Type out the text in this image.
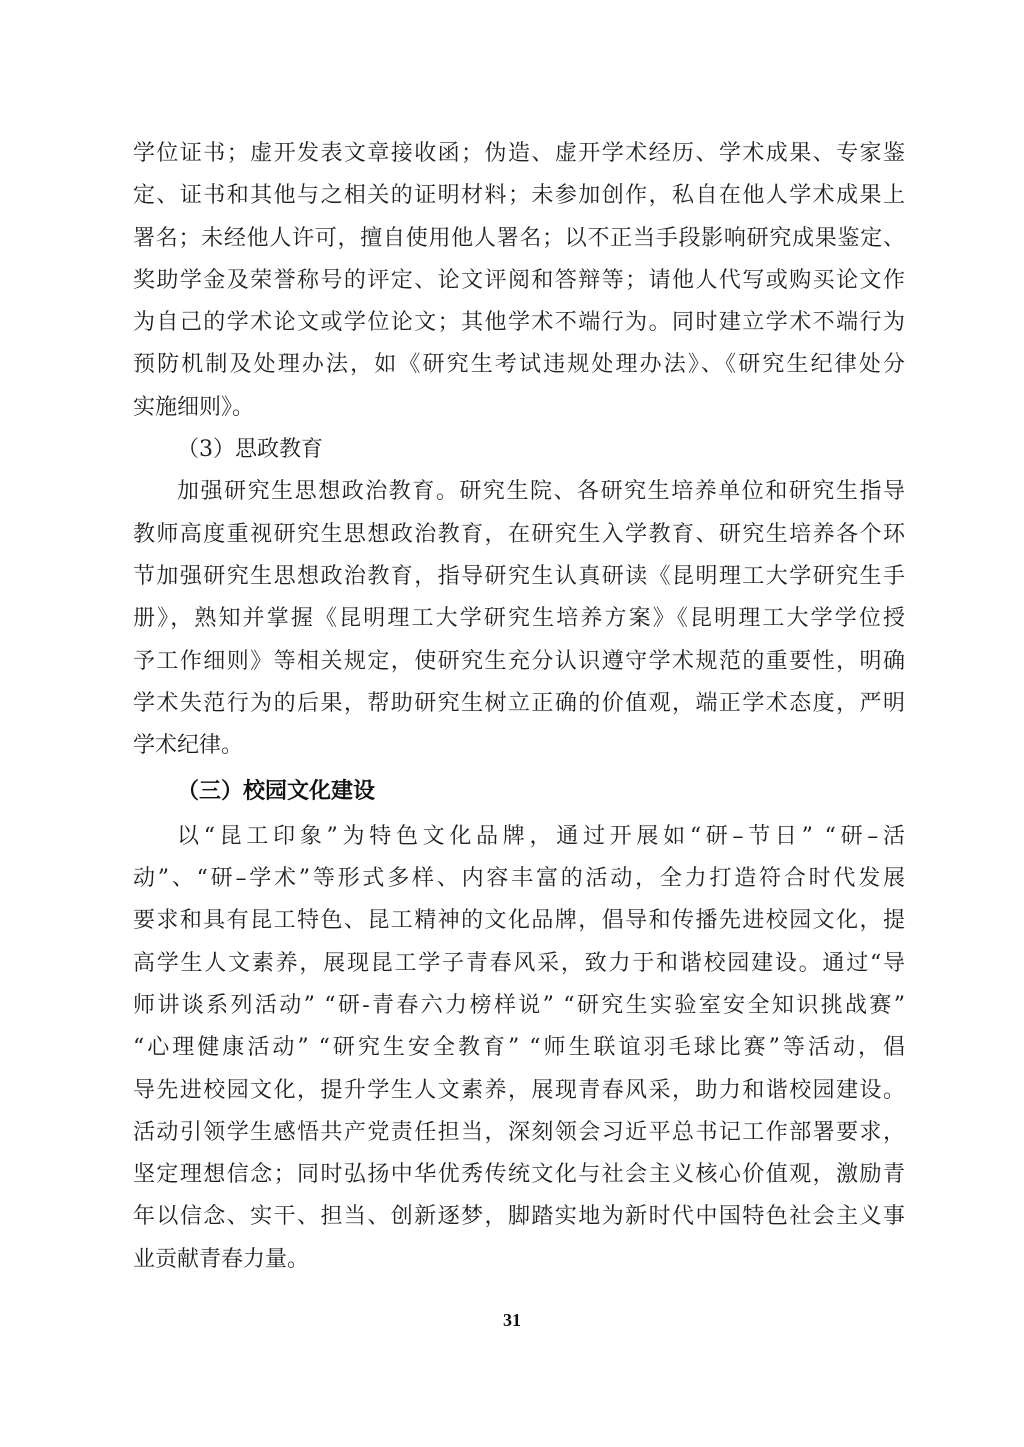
学位证书；虚开发表文章接收函；伪造、虚开学术经历、学术成果、专家鉴
定、证书和其他与之相关的证明材料；未参加创作，私自在他人学术成果上
署名；未经他人许可，擅自使用他人署名；以不正当手段影响研究成果鉴定、
奖助学金及荣誉称号的评定、论文评阅和答辩等；请他人代写或购买论文作
为自己的学术论文或学位论文；其他学术不端行为。同时建立学术不端行为
预防机制及处理办法，如《研究生考试违规处理办法》、《研究生纪律处分
实施细则》。
（3）思政教育
加强研究生思想政治教育。研究生院、各研究生培养单位和研究生指导
教师高度重视研究生思想政治教育，在研究生入学教育、研究生培养各个环
节加强研究生思想政治教育，指导研究生认真研读《昆明理工大学研究生手
册》，熟知并掌握《昆明理工大学研究生培养方案》《昆明理工大学学位授
予工作细则》等相关规定，使研究生充分认识遵守学术规范的重要性，明确
学术失范行为的后果，帮助研究生树立正确的价值观，端正学术态度，严明
学术纪律。
（三）校园文化建设
以“昆工印象”为特色文化品牌，通过开展如“研–节日” “研–活
动”、“研–学术”等形式多样、内容丰富的活动，全力打造符合时代发展
要求和具有昆工特色、昆工精神的文化品牌，倡导和传播先进校园文化，提
高学生人文素养，展现昆工学子青春风采，致力于和谐校园建设。通过“导
师讲谈系列活动” “研-青春六力榜样说” “研究生实验室安全知识挑战赛”
“心理健康活动” “研究生安全教育” “师生联谊羽毛球比赛”等活动，倡
导先进校园文化，提升学生人文素养，展现青春风采，助力和谐校园建设。
活动引领学生感悟共产党责任担当，深刻领会习近平总书记工作部署要求，
坚定理想信念；同时弘扬中华优秀传统文化与社会主义核心价值观，激励青
年以信念、实干、担当、创新逐梦，脚踏实地为新时代中国特色社会主义事
业贡献青春力量。
31
